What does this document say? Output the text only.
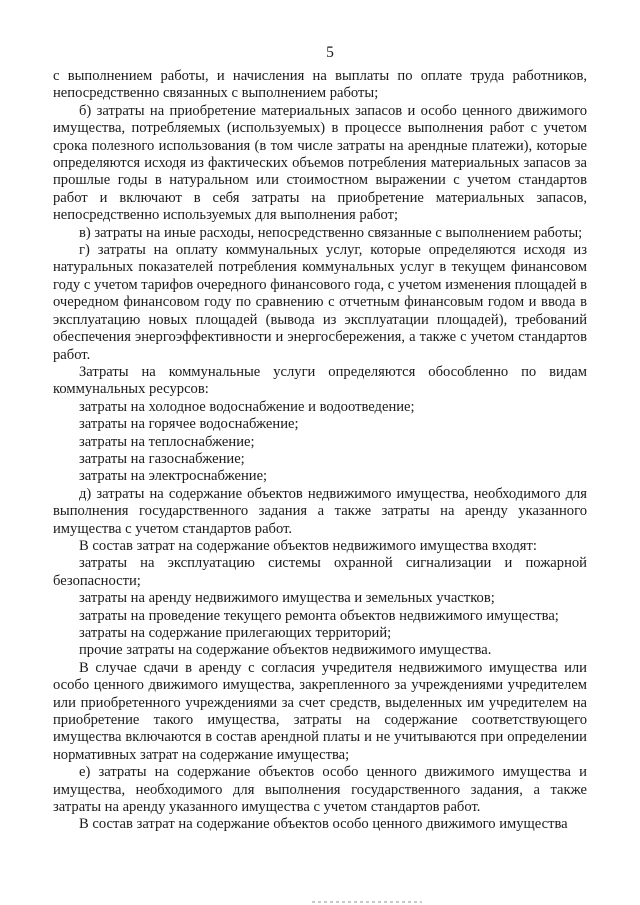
5

с выполнением работы, и начисления на выплаты по оплате труда работников, непосредственно связанных с выполнением работы;

б) затраты на приобретение материальных запасов и особо ценного движимого имущества, потребляемых (используемых) в процессе выполнения работ с учетом срока полезного использования (в том числе затраты на арендные платежи), которые определяются исходя из фактических объемов потребления материальных запасов за прошлые годы в натуральном или стоимостном выражении с учетом стандартов работ и включают в себя затраты на приобретение материальных запасов, непосредственно используемых для выполнения работ;

в) затраты на иные расходы, непосредственно связанные с выполнением работы;

г) затраты на оплату коммунальных услуг, которые определяются исходя из натуральных показателей потребления коммунальных услуг в текущем финансовом году с учетом тарифов очередного финансового года, с учетом изменения площадей в очередном финансовом году по сравнению с отчетным финансовым годом и ввода в эксплуатацию новых площадей (вывода из эксплуатации площадей), требований обеспечения энергоэффективности и энергосбережения, а также с учетом стандартов работ.

Затраты на коммунальные услуги определяются обособленно по видам коммунальных ресурсов:

затраты на холодное водоснабжение и водоотведение;

затраты на горячее водоснабжение;

затраты на теплоснабжение;

затраты на газоснабжение;

затраты на электроснабжение;

д) затраты на содержание объектов недвижимого имущества, необходимого для выполнения государственного задания а также затраты на аренду указанного имущества с учетом стандартов работ.

В состав затрат на содержание объектов недвижимого имущества входят:

затраты на эксплуатацию системы охранной сигнализации и пожарной безопасности;

затраты на аренду недвижимого имущества и земельных участков;

затраты на проведение текущего ремонта объектов недвижимого имущества;

затраты на содержание прилегающих территорий;

прочие затраты на содержание объектов недвижимого имущества.

В случае сдачи в аренду с согласия учредителя недвижимого имущества или особо ценного движимого имущества, закрепленного за учреждениями учредителем или приобретенного учреждениями за счет средств, выделенных им учредителем на приобретение такого имущества, затраты на содержание соответствующего имущества включаются в состав арендной платы и не учитываются при определении нормативных затрат на содержание имущества;

е) затраты на содержание объектов особо ценного движимого имущества и имущества, необходимого для выполнения государственного задания, а также затраты на аренду указанного имущества с учетом стандартов работ.

В состав затрат на содержание объектов особо ценного движимого имущества
